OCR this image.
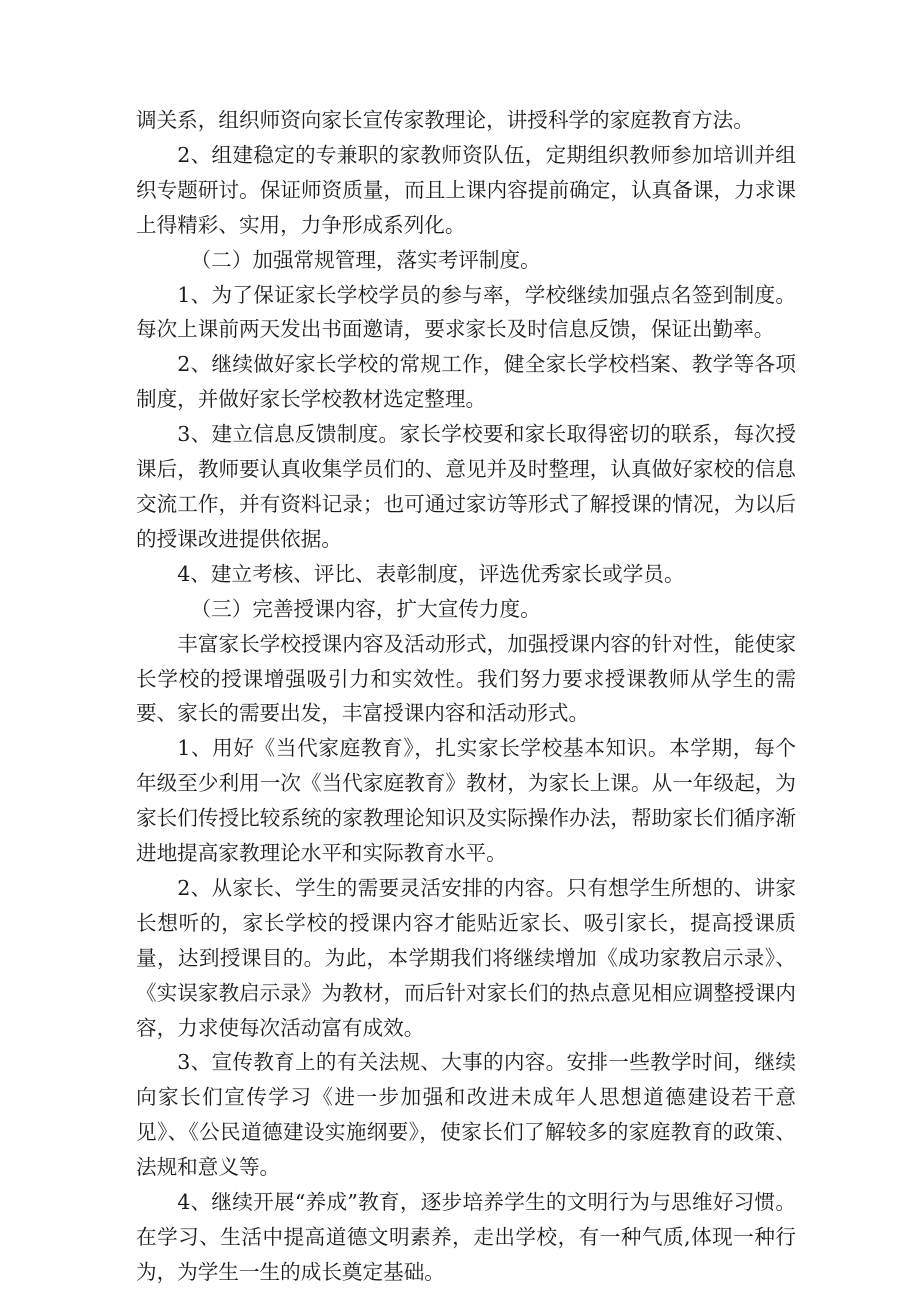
调关系，组织师资向家长宣传家教理论，讲授科学的家庭教育方法。

2、组建稳定的专兼职的家教师资队伍，定期组织教师参加培训并组织专题研讨。保证师资质量，而且上课内容提前确定，认真备课，力求课上得精彩、实用，力争形成系列化。

（二）加强常规管理，落实考评制度。

1、为了保证家长学校学员的参与率，学校继续加强点名签到制度。每次上课前两天发出书面邀请，要求家长及时信息反馈，保证出勤率。

2、继续做好家长学校的常规工作，健全家长学校档案、教学等各项制度，并做好家长学校教材选定整理。

3、建立信息反馈制度。家长学校要和家长取得密切的联系，每次授课后，教师要认真收集学员们的、意见并及时整理，认真做好家校的信息交流工作，并有资料记录；也可通过家访等形式了解授课的情况，为以后的授课改进提供依据。

4、建立考核、评比、表彰制度，评选优秀家长或学员。

（三）完善授课内容，扩大宣传力度。

丰富家长学校授课内容及活动形式，加强授课内容的针对性，能使家长学校的授课增强吸引力和实效性。我们努力要求授课教师从学生的需要、家长的需要出发，丰富授课内容和活动形式。

1、用好《当代家庭教育》，扎实家长学校基本知识。本学期，每个年级至少利用一次《当代家庭教育》教材，为家长上课。从一年级起，为家长们传授比较系统的家教理论知识及实际操作办法，帮助家长们循序渐进地提高家教理论水平和实际教育水平。

2、从家长、学生的需要灵活安排的内容。只有想学生所想的、讲家长想听的，家长学校的授课内容才能贴近家长、吸引家长，提高授课质量，达到授课目的。为此，本学期我们将继续增加《成功家教启示录》、《实误家教启示录》为教材，而后针对家长们的热点意见相应调整授课内容，力求使每次活动富有成效。

3、宣传教育上的有关法规、大事的内容。安排一些教学时间，继续向家长们宣传学习《进一步加强和改进未成年人思想道德建设若干意见》、《公民道德建设实施纲要》，使家长们了解较多的家庭教育的政策、法规和意义等。

4、继续开展“养成”教育，逐步培养学生的文明行为与思维好习惯。在学习、生活中提高道德文明素养，走出学校，有一种气质,体现一种行为，为学生一生的成长奠定基础。
